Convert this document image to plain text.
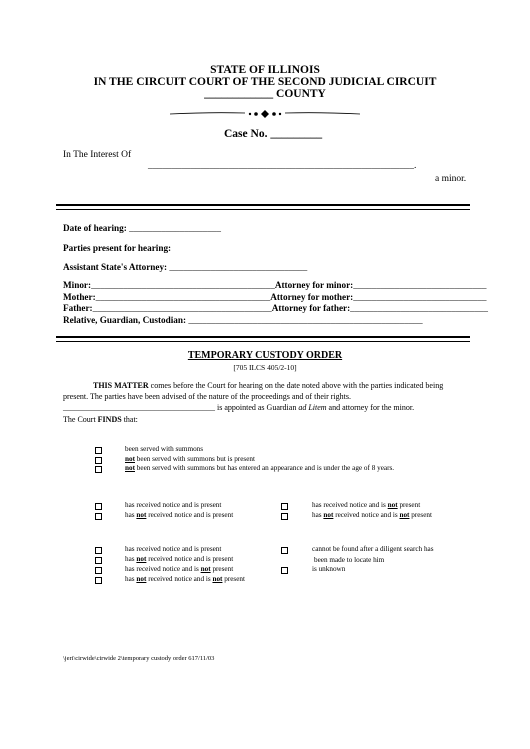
STATE OF ILLINOIS
IN THE CIRCUIT COURT OF THE SECOND JUDICIAL CIRCUIT
____________ COUNTY
Case No. _________
In The Interest Of
________________________________________________________.
a minor.
Date of hearing: ____________________
Parties present for hearing:
Assistant State's Attorney: ______________________________
Minor:________________________________________Attorney for minor:_____________________________
Mother:______________________________________Attorney for mother:_____________________________
Father:_______________________________________Attorney for father:______________________________
Relative, Guardian, Custodian: ___________________________________________________
TEMPORARY CUSTODY ORDER
[705 ILCS 405/2-10]
THIS MATTER comes before the Court for hearing on the date noted above with the parties indicated being
present. The parties have been advised of the nature of the proceedings and of their rights.
______________________________________ is appointed as Guardian ad Litem and attorney for the minor.
The Court FINDS that:
been served with summons
not been served with summons but is present
not been served with summons but has entered an appearance and is under the age of 8 years.
has received notice and is present
has not received notice and is present
has received notice and is not present
has not received notice and is not present
has received notice and is present
has not received notice and is present
has received notice and is not present
has not received notice and is not present
cannot be found after a diligent search has
been made to locate him
is unknown
\jeri\cirwide\cirwide 2\temporary custody order 617/11/03
